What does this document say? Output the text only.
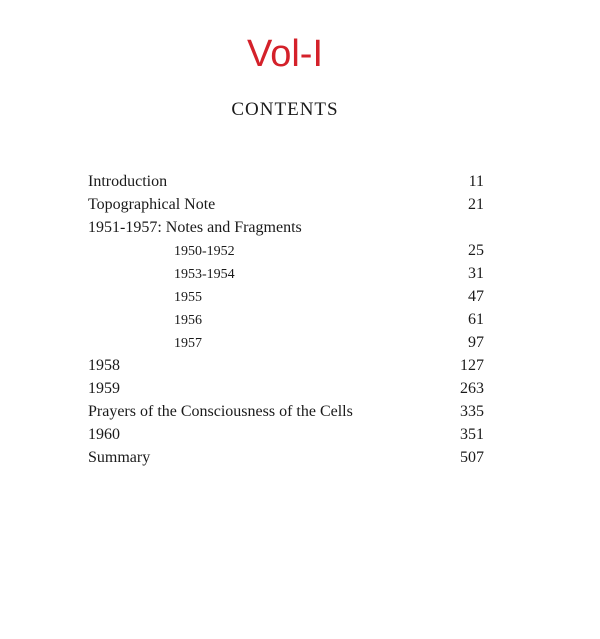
Vol-I
CONTENTS
Introduction	11
Topographical Note	21
1951-1957: Notes and Fragments
1950-1952	25
1953-1954	31
1955	47
1956	61
1957	97
1958	127
1959	263
Prayers of the Consciousness of the Cells	335
1960	351
Summary	507
